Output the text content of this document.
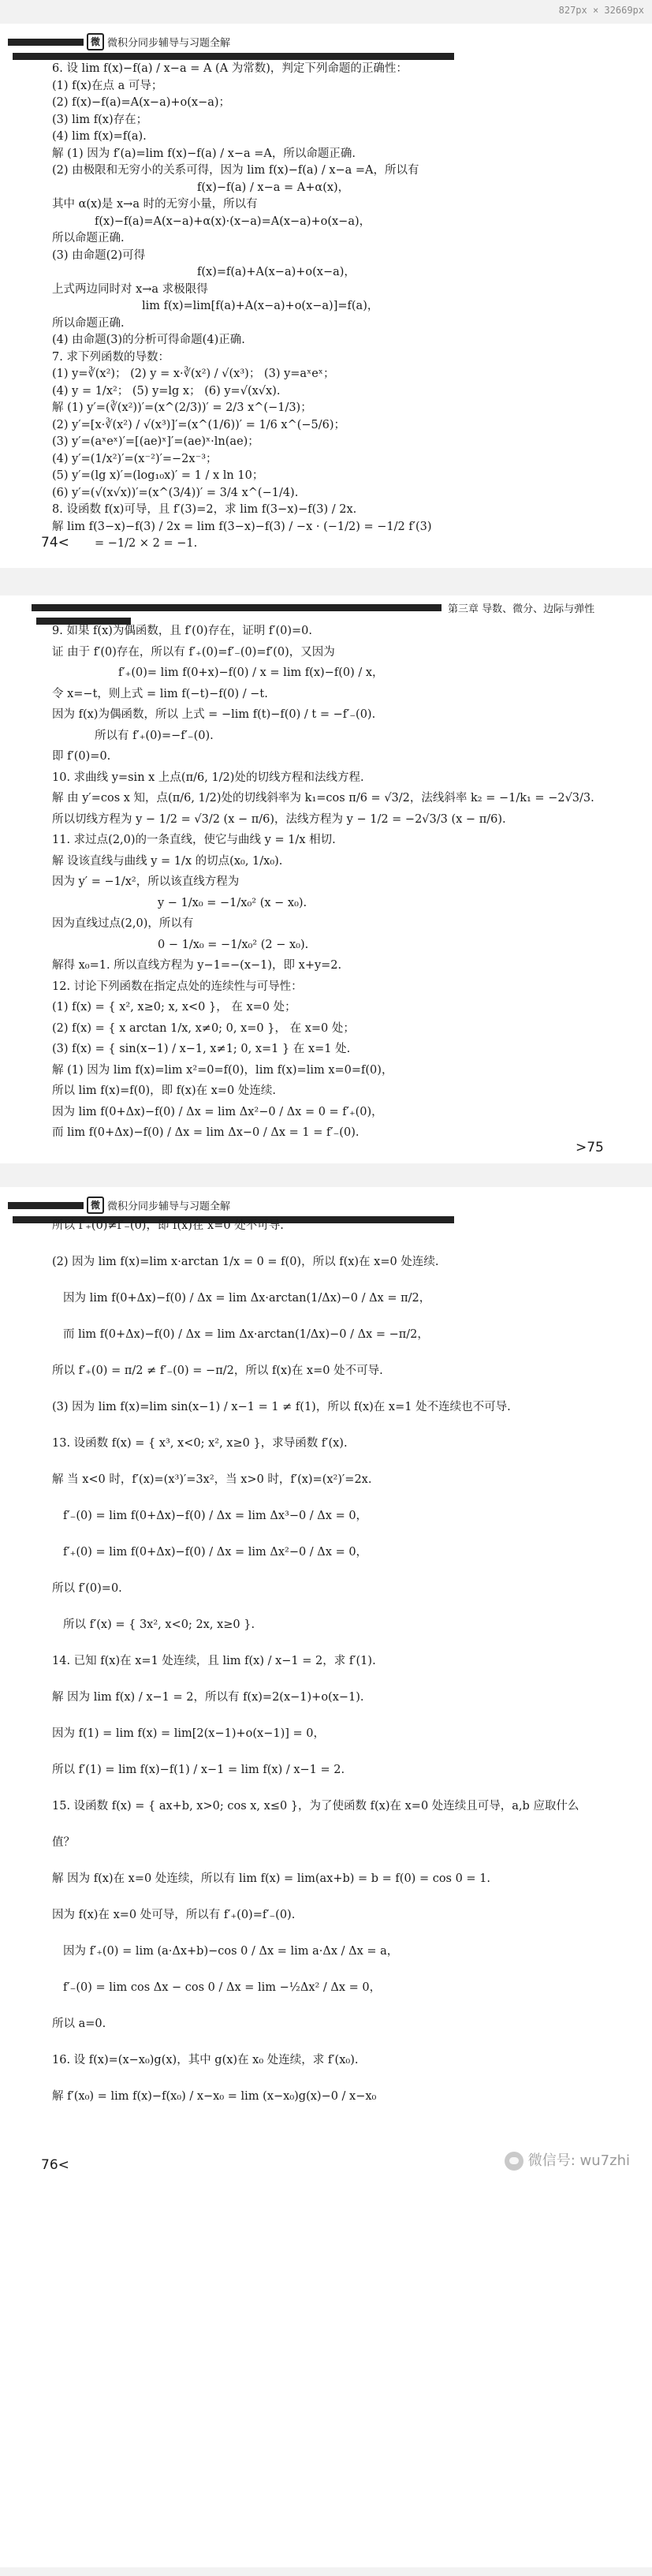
827px × 32669px
微 微积分同步辅导与习题全解
6. 设 lim f(x)−f(a) / x−a = A (A 为常数)，判定下列命题的正确性：
(1) f(x)在点 a 可导；
(2) f(x)−f(a)=A(x−a)+o(x−a)；
(3) lim f(x)存在；
(4) lim f(x)=f(a).
解 (1) 因为 f′(a)=lim f(x)−f(a) / x−a =A，所以命题正确.
(2) 由极限和无穷小的关系可得，因为 lim f(x)−f(a) / x−a =A，所以有
f(x)−f(a) / x−a = A+α(x)，
其中 α(x)是 x→a 时的无穷小量，所以有
f(x)−f(a)=A(x−a)+α(x)·(x−a)=A(x−a)+o(x−a)，
所以命题正确.
(3) 由命题(2)可得
f(x)=f(a)+A(x−a)+o(x−a)，
上式两边同时对 x→a 求极限得
lim f(x)=lim[f(a)+A(x−a)+o(x−a)]=f(a)，
所以命题正确.
(4) 由命题(3)的分析可得命题(4)正确.
7. 求下列函数的导数：
(1) y=∛(x²)； (2) y = x·∛(x²) / √(x³)； (3) y=aˣeˣ；
(4) y = 1/x²； (5) y=lg x； (6) y=√(x√x).
解 (1) y′=(∛(x²))′=(x^(2/3))′ = 2/3 x^(−1/3)；
(2) y′=[x·∛(x²) / √(x³)]′=(x^(1/6))′ = 1/6 x^(−5/6)；
(3) y′=(aˣeˣ)′=[(ae)ˣ]′=(ae)ˣ·ln(ae)；
(4) y′=(1/x²)′=(x⁻²)′=−2x⁻³；
(5) y′=(lg x)′=(log₁₀x)′ = 1 / x ln 10；
(6) y′=(√(x√x))′=(x^(3/4))′ = 3/4 x^(−1/4).
8. 设函数 f(x)可导，且 f′(3)=2，求 lim f(3−x)−f(3) / 2x.
解 lim f(3−x)−f(3) / 2x = lim f(3−x)−f(3) / −x · (−1/2) = −1/2 f′(3)
= −1/2 × 2 = −1.
74<
第三章 导数、微分、边际与弹性
9. 如果 f(x)为偶函数，且 f′(0)存在，证明 f′(0)=0.
证 由于 f′(0)存在，所以有 f′₊(0)=f′₋(0)=f′(0)，又因为
f′₊(0)= lim f(0+x)−f(0) / x = lim f(x)−f(0) / x，
令 x=−t，则上式 = lim f(−t)−f(0) / −t.
因为 f(x)为偶函数，所以 上式 = −lim f(t)−f(0) / t = −f′₋(0).
所以有 f′₊(0)=−f′₋(0).
即 f′(0)=0.
10. 求曲线 y=sin x 上点(π/6, 1/2)处的切线方程和法线方程.
解 由 y′=cos x 知，点(π/6, 1/2)处的切线斜率为 k₁=cos π/6 = √3/2，法线斜率 k₂ = −1/k₁ = −2√3/3.
所以切线方程为 y − 1/2 = √3/2 (x − π/6)，法线方程为 y − 1/2 = −2√3/3 (x − π/6).
11. 求过点(2,0)的一条直线，使它与曲线 y = 1/x 相切.
解 设该直线与曲线 y = 1/x 的切点(x₀, 1/x₀).
因为 y′ = −1/x²，所以该直线方程为
y − 1/x₀ = −1/x₀² (x − x₀).
因为直线过点(2,0)，所以有
0 − 1/x₀ = −1/x₀² (2 − x₀).
解得 x₀=1. 所以直线方程为 y−1=−(x−1)，即 x+y=2.
12. 讨论下列函数在指定点处的连续性与可导性：
(1) f(x) = { x², x≥0; x, x<0 }， 在 x=0 处；
(2) f(x) = { x arctan 1/x, x≠0; 0, x=0 }， 在 x=0 处；
(3) f(x) = { sin(x−1) / x−1, x≠1; 0, x=1 } 在 x=1 处.
解 (1) 因为 lim f(x)=lim x²=0=f(0)，lim f(x)=lim x=0=f(0)，
所以 lim f(x)=f(0)，即 f(x)在 x=0 处连续.
因为 lim f(0+Δx)−f(0) / Δx = lim Δx²−0 / Δx = 0 = f′₊(0)，
而 lim f(0+Δx)−f(0) / Δx = lim Δx−0 / Δx = 1 = f′₋(0).
>75
微 微积分同步辅导与习题全解
所以 f′₊(0)≠f′₋(0)，即 f(x)在 x=0 处不可导.
(2) 因为 lim f(x)=lim x·arctan 1/x = 0 = f(0)，所以 f(x)在 x=0 处连续.
因为 lim f(0+Δx)−f(0) / Δx = lim Δx·arctan(1/Δx)−0 / Δx = π/2，
而 lim f(0+Δx)−f(0) / Δx = lim Δx·arctan(1/Δx)−0 / Δx = −π/2，
所以 f′₊(0) = π/2 ≠ f′₋(0) = −π/2，所以 f(x)在 x=0 处不可导.
(3) 因为 lim f(x)=lim sin(x−1) / x−1 = 1 ≠ f(1)，所以 f(x)在 x=1 处不连续也不可导.
13. 设函数 f(x) = { x³, x<0; x², x≥0 }，求导函数 f′(x).
解 当 x<0 时，f′(x)=(x³)′=3x²，当 x>0 时，f′(x)=(x²)′=2x.
f′₋(0) = lim f(0+Δx)−f(0) / Δx = lim Δx³−0 / Δx = 0，
f′₊(0) = lim f(0+Δx)−f(0) / Δx = lim Δx²−0 / Δx = 0，
所以 f′(0)=0.
所以 f′(x) = { 3x², x<0; 2x, x≥0 }.
14. 已知 f(x)在 x=1 处连续，且 lim f(x) / x−1 = 2，求 f′(1).
解 因为 lim f(x) / x−1 = 2，所以有 f(x)=2(x−1)+o(x−1).
因为 f(1) = lim f(x) = lim[2(x−1)+o(x−1)] = 0，
所以 f′(1) = lim f(x)−f(1) / x−1 = lim f(x) / x−1 = 2.
15. 设函数 f(x) = { ax+b, x>0; cos x, x≤0 }，为了使函数 f(x)在 x=0 处连续且可导，a,b 应取什么
值？
解 因为 f(x)在 x=0 处连续，所以有 lim f(x) = lim(ax+b) = b = f(0) = cos 0 = 1.
因为 f(x)在 x=0 处可导，所以有 f′₊(0)=f′₋(0).
因为 f′₊(0) = lim (a·Δx+b)−cos 0 / Δx = lim a·Δx / Δx = a，
f′₋(0) = lim cos Δx − cos 0 / Δx = lim −½Δx² / Δx = 0，
所以 a=0.
16. 设 f(x)=(x−x₀)g(x)，其中 g(x)在 x₀ 处连续，求 f′(x₀).
解 f′(x₀) = lim f(x)−f(x₀) / x−x₀ = lim (x−x₀)g(x)−0 / x−x₀
76<	微信号: wu7zhi
